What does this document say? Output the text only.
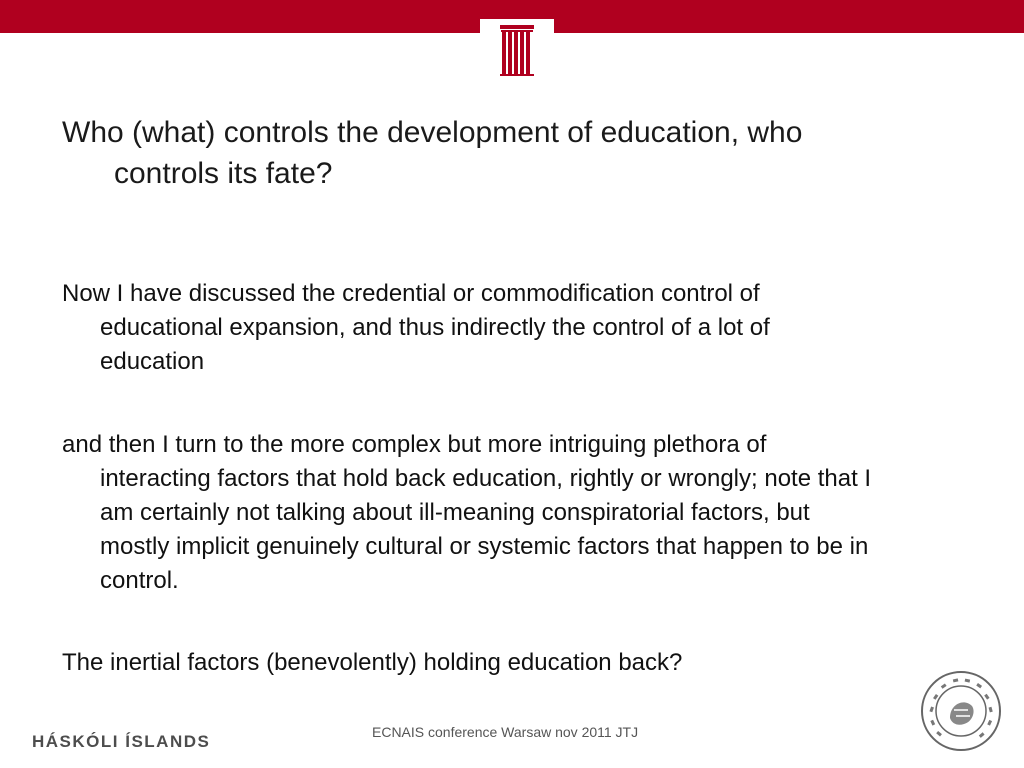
Who (what) controls the development of education, who
controls its fate?
Now I have discussed the credential or commodification control of
educational expansion, and thus indirectly the control of a lot of
education
and then I turn to the more complex but more intriguing plethora of
interacting factors that hold back education, rightly or wrongly; note that I
am certainly not talking about ill-meaning conspiratorial factors, but
mostly implicit genuinely cultural or systemic factors that happen to be in
control.
The inertial factors (benevolently) holding education back?
HÁSKÓLI ÍSLANDS	ECNAIS conference Warsaw nov 2011 JTJ
